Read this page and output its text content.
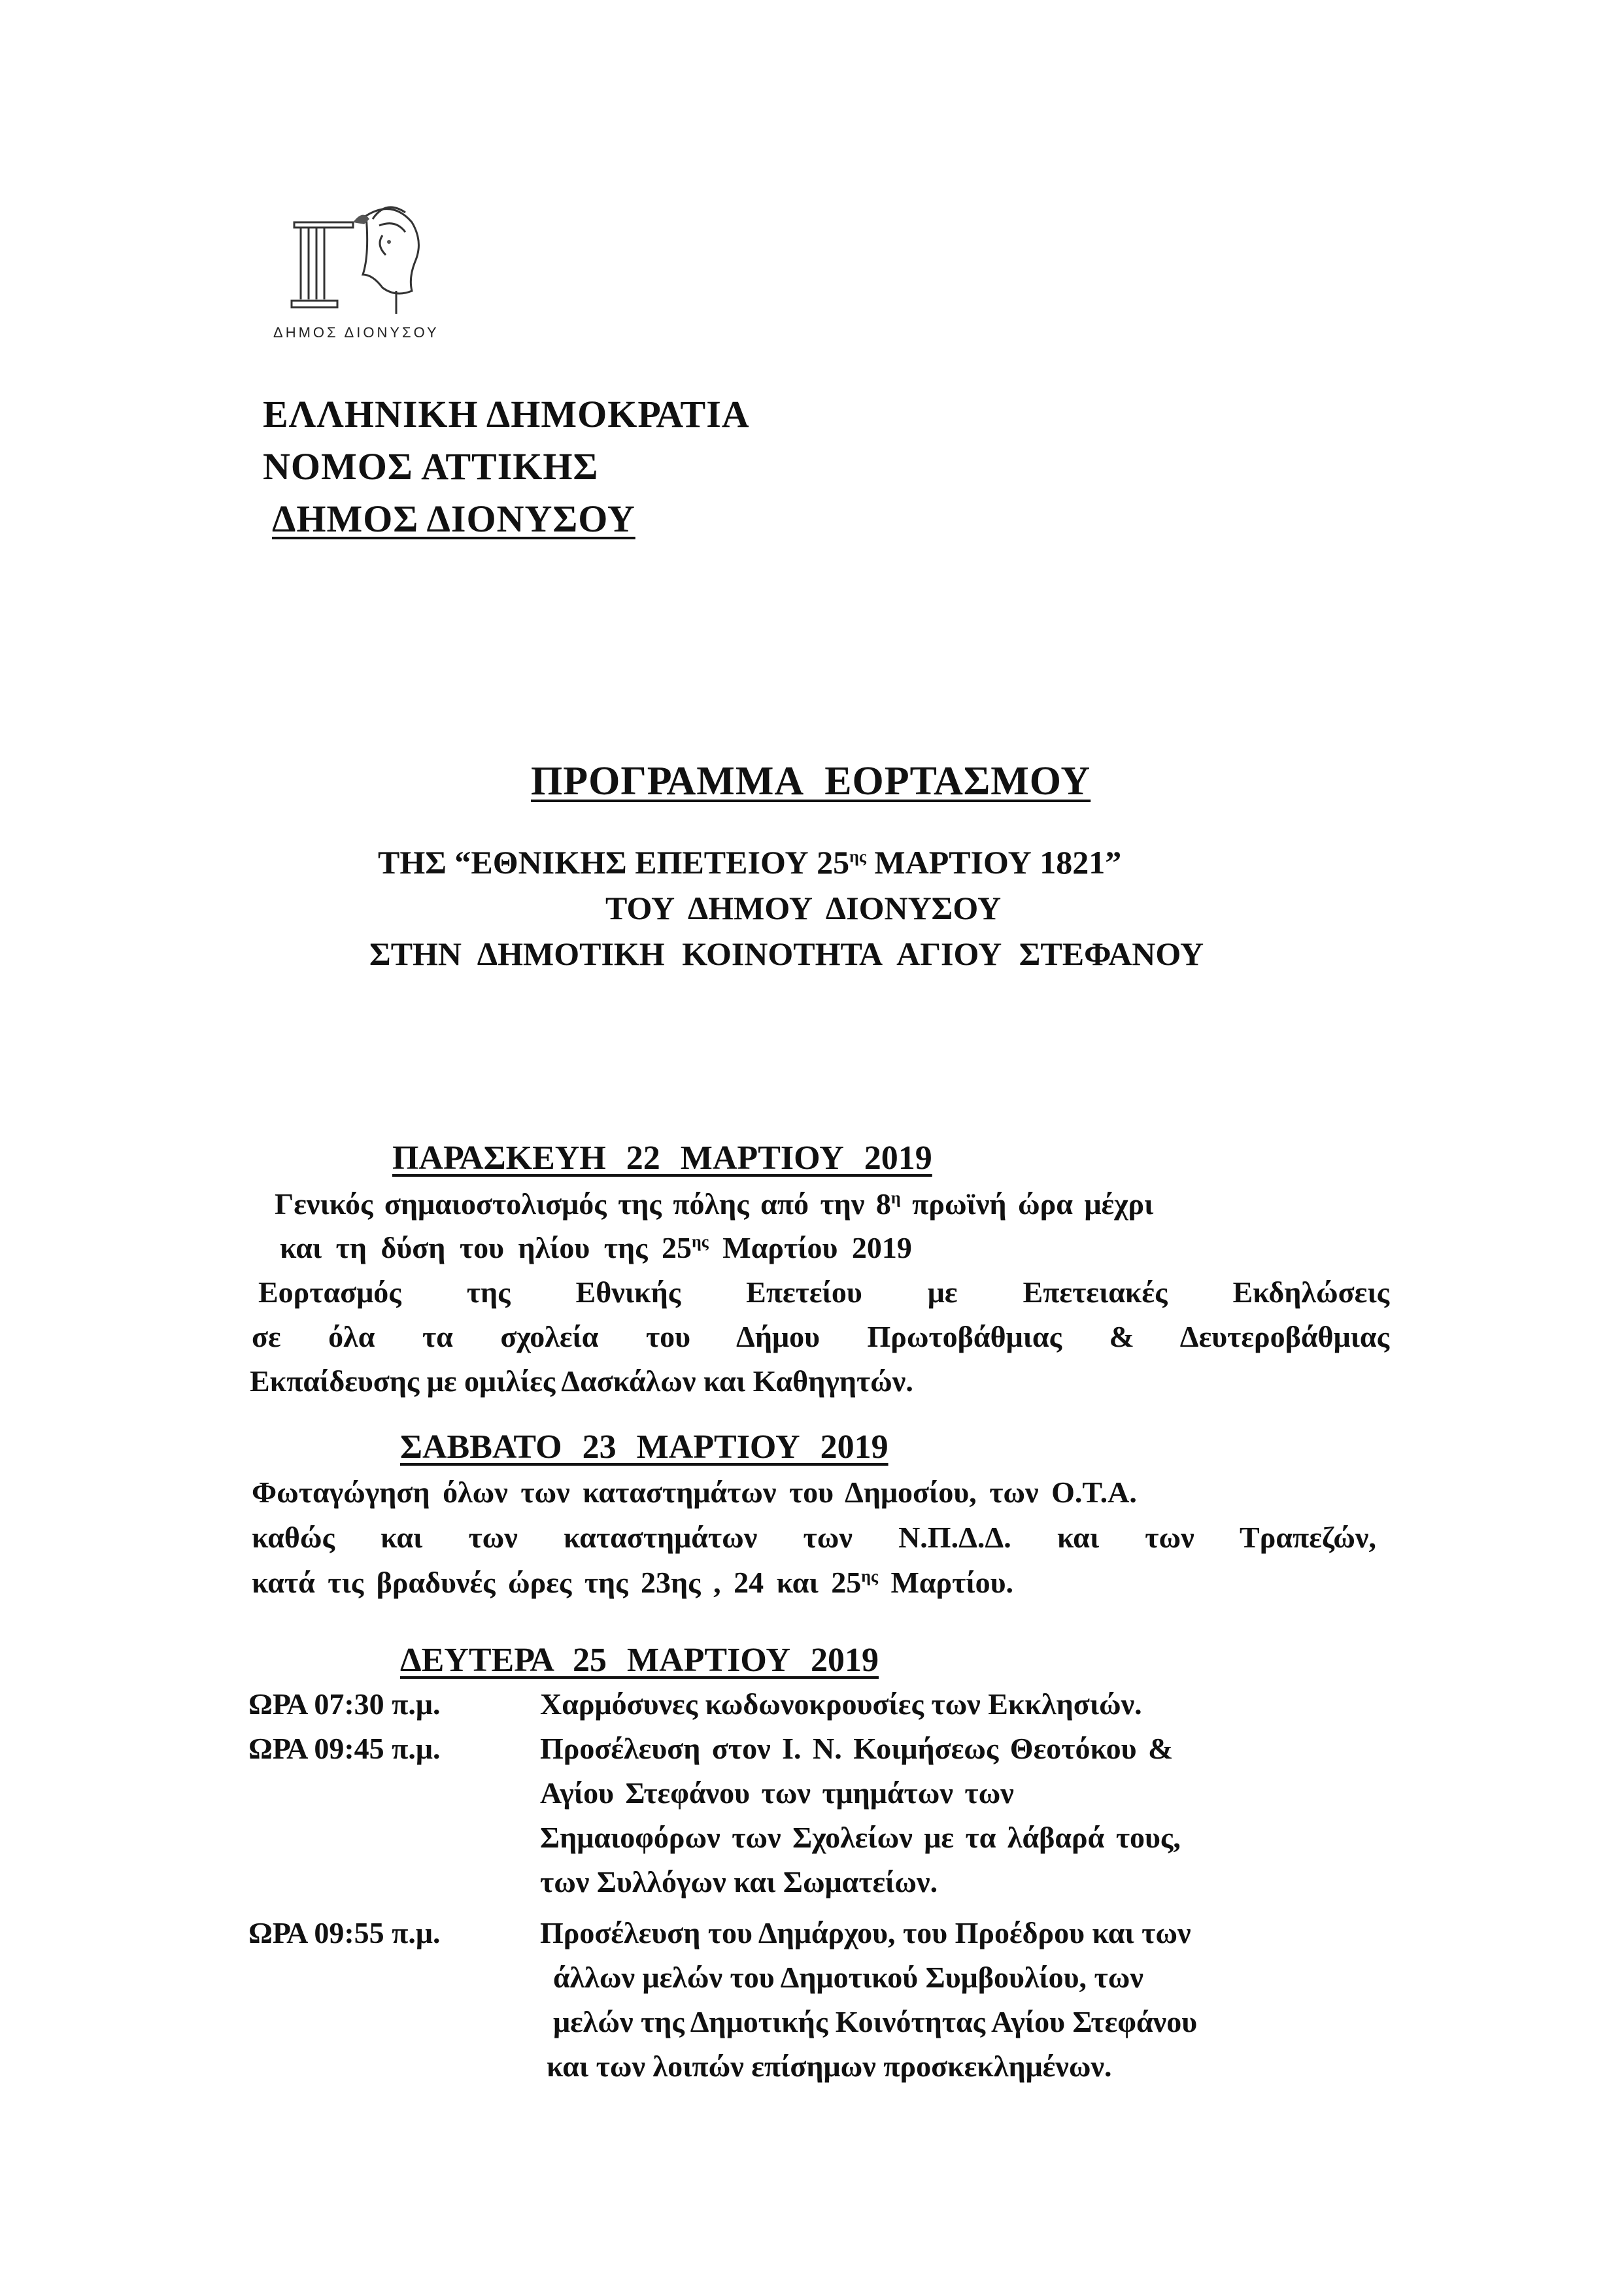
ΔΗΜΟΣ ΔΙΟΝΥΣΟΥ
ΕΛΛΗΝΙΚΗ ΔΗΜΟΚΡΑΤΙΑ
ΝΟΜΟΣ ΑΤΤΙΚΗΣ
ΔΗΜΟΣ ΔΙΟΝΥΣΟΥ
ΠΡΟΓΡΑΜΜΑ ΕΟΡΤΑΣΜΟΥ
ΤΗΣ “ΕΘΝΙΚΗΣ ΕΠΕΤΕΙΟΥ $25^{\eta\varsigma}$ ΜΑΡΤΙΟΥ 1821”
ΤΟΥ ΔΗΜΟΥ ΔΙΟΝΥΣΟΥ
ΣΤΗΝ ΔΗΜΟΤΙΚΗ ΚΟΙΝΟΤΗΤΑ ΑΓΙΟΥ ΣΤΕΦΑΝΟΥ
ΠΑΡΑΣΚΕΥΗ 22 ΜΑΡΤΙΟΥ 2019
Γενικός σημαιοστολισμός της πόλης από την $8^\eta$ πρωϊνή ώρα μέχρι
και τη δύση του ηλίου της $25^{\eta\varsigma}$ Μαρτίου 2019
Εορτασμός της Εθνικής Επετείου με Επετειακές Εκδηλώσεις
σε όλα τα σχολεία του Δήμου Πρωτοβάθμιας & Δευτεροβάθμιας
Εκπαίδευσης με ομιλίες Δασκάλων και Καθηγητών.
ΣΑΒΒΑΤΟ 23 ΜΑΡΤΙΟΥ 2019
Φωταγώγηση όλων των καταστημάτων του Δημοσίου, των Ο.Τ.Α.
καθώς και των καταστημάτων των Ν.Π.Δ.Δ. και των Τραπεζών,
κατά τις βραδυνές ώρες της 23ης , 24 και $25^{\eta\varsigma}$ Μαρτίου.
ΔΕΥΤΕΡΑ 25 ΜΑΡΤΙΟΥ 2019
ΩΡΑ 07:30 π.μ.	Χαρμόσυνες κωδωνοκρουσίες των Εκκλησιών.
ΩΡΑ 09:45 π.μ.	Προσέλευση στον Ι. Ν. Κοιμήσεως Θεοτόκου &
Αγίου Στεφάνου των τμημάτων των
Σημαιοφόρων των Σχολείων με τα λάβαρά τους,
των Συλλόγων και Σωματείων.
ΩΡΑ 09:55 π.μ.	Προσέλευση του Δημάρχου, του Προέδρου και των
άλλων μελών του Δημοτικού Συμβουλίου, των
μελών της Δημοτικής Κοινότητας Αγίου Στεφάνου
και των λοιπών επίσημων προσκεκλημένων.
